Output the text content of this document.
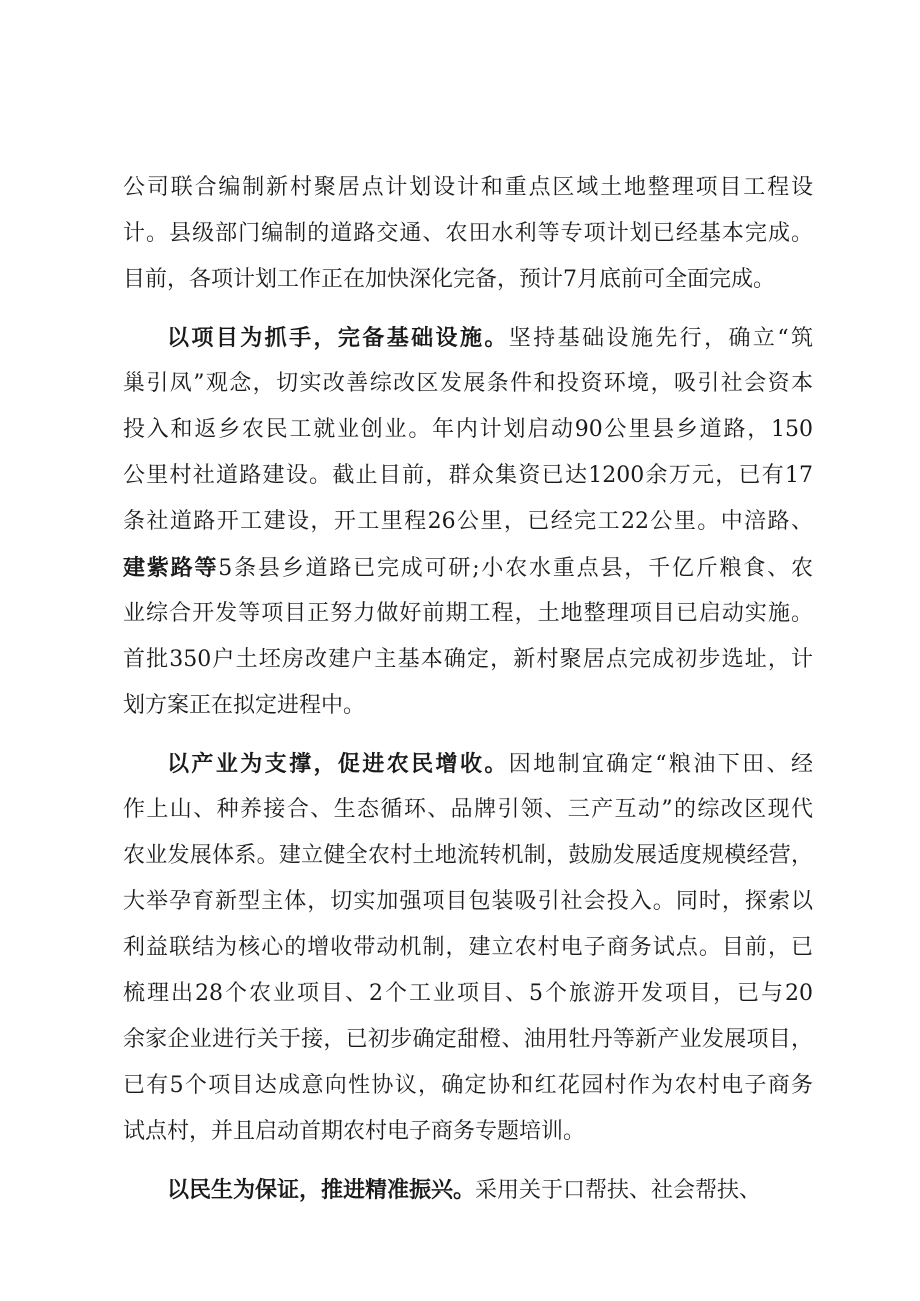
公司联合编制新村聚居点计划设计和重点区域土地整理项目工程设
计。县级部门编制的道路交通、农田水利等专项计划已经基本完成。
目前，各项计划工作正在加快深化完备，预计7月底前可全面完成。
以项目为抓手，完备基础设施。坚持基础设施先行，确立“筑
巢引凤”观念，切实改善综改区发展条件和投资环境，吸引社会资本
投入和返乡农民工就业创业。年内计划启动90公里县乡道路，150
公里村社道路建设。截止目前，群众集资已达1200余万元，已有17
条社道路开工建设，开工里程26公里，已经完工22公里。中涪路、
建紫路等5条县乡道路已完成可研;小农水重点县，千亿斤粮食、农
业综合开发等项目正努力做好前期工程，土地整理项目已启动实施。
首批350户土坯房改建户主基本确定，新村聚居点完成初步选址，计
划方案正在拟定进程中。
以产业为支撑，促进农民增收。因地制宜确定“粮油下田、经
作上山、种养接合、生态循环、品牌引领、三产互动”的综改区现代
农业发展体系。建立健全农村土地流转机制，鼓励发展适度规模经营，
大举孕育新型主体，切实加强项目包装吸引社会投入。同时，探索以
利益联结为核心的增收带动机制，建立农村电子商务试点。目前，已
梳理出28个农业项目、2个工业项目、5个旅游开发项目，已与20
余家企业进行关于接，已初步确定甜橙、油用牡丹等新产业发展项目，
已有5个项目达成意向性协议，确定协和红花园村作为农村电子商务
试点村，并且启动首期农村电子商务专题培训。
以民生为保证，推进精准振兴。采用关于口帮扶、社会帮扶、
